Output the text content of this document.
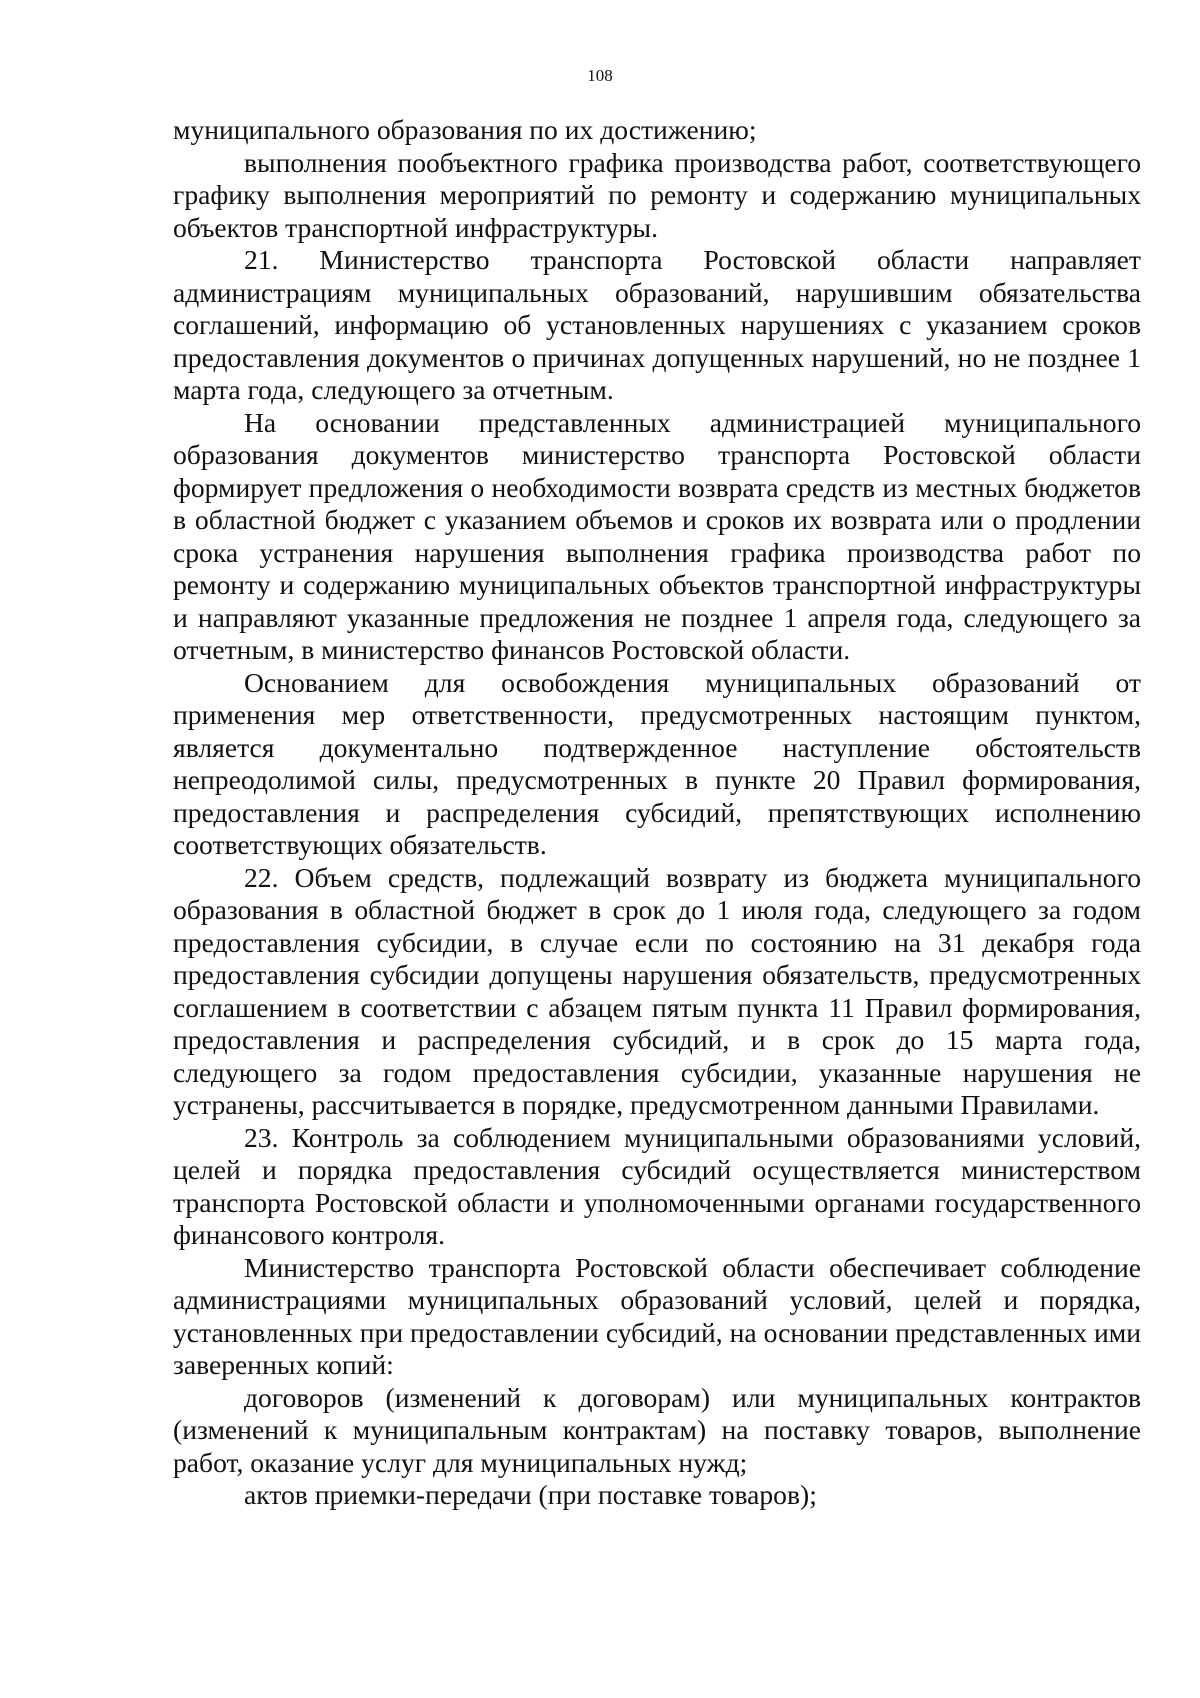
108

муниципального образования по их достижению;

выполнения пообъектного графика производства работ, соответствующего графику выполнения мероприятий по ремонту и содержанию муниципальных объектов транспортной инфраструктуры.

21. Министерство транспорта Ростовской области направляет администрациям муниципальных образований, нарушившим обязательства соглашений, информацию об установленных нарушениях с указанием сроков предоставления документов о причинах допущенных нарушений, но не позднее 1 марта года, следующего за отчетным.

На основании представленных администрацией муниципального образования документов министерство транспорта Ростовской области формирует предложения о необходимости возврата средств из местных бюджетов в областной бюджет с указанием объемов и сроков их возврата или о продлении срока устранения нарушения выполнения графика производства работ по ремонту и содержанию муниципальных объектов транспортной инфраструктуры и направляют указанные предложения не позднее 1 апреля года, следующего за отчетным, в министерство финансов Ростовской области.

Основанием для освобождения муниципальных образований от применения мер ответственности, предусмотренных настоящим пунктом, является документально подтвержденное наступление обстоятельств непреодолимой силы, предусмотренных в пункте 20 Правил формирования, предоставления и распределения субсидий, препятствующих исполнению соответствующих обязательств.

22. Объем средств, подлежащий возврату из бюджета муниципального образования в областной бюджет в срок до 1 июля года, следующего за годом предоставления субсидии, в случае если по состоянию на 31 декабря года предоставления субсидии допущены нарушения обязательств, предусмотренных соглашением в соответствии с абзацем пятым пункта 11 Правил формирования, предоставления и распределения субсидий, и в срок до 15 марта года, следующего за годом предоставления субсидии, указанные нарушения не устранены, рассчитывается в порядке, предусмотренном данными Правилами.

23. Контроль за соблюдением муниципальными образованиями условий, целей и порядка предоставления субсидий осуществляется министерством транспорта Ростовской области и уполномоченными органами государственного финансового контроля.

Министерство транспорта Ростовской области обеспечивает соблюдение администрациями муниципальных образований условий, целей и порядка, установленных при предоставлении субсидий, на основании представленных ими заверенных копий:

договоров (изменений к договорам) или муниципальных контрактов (изменений к муниципальным контрактам) на поставку товаров, выполнение работ, оказание услуг для муниципальных нужд;

актов приемки-передачи (при поставке товаров);
